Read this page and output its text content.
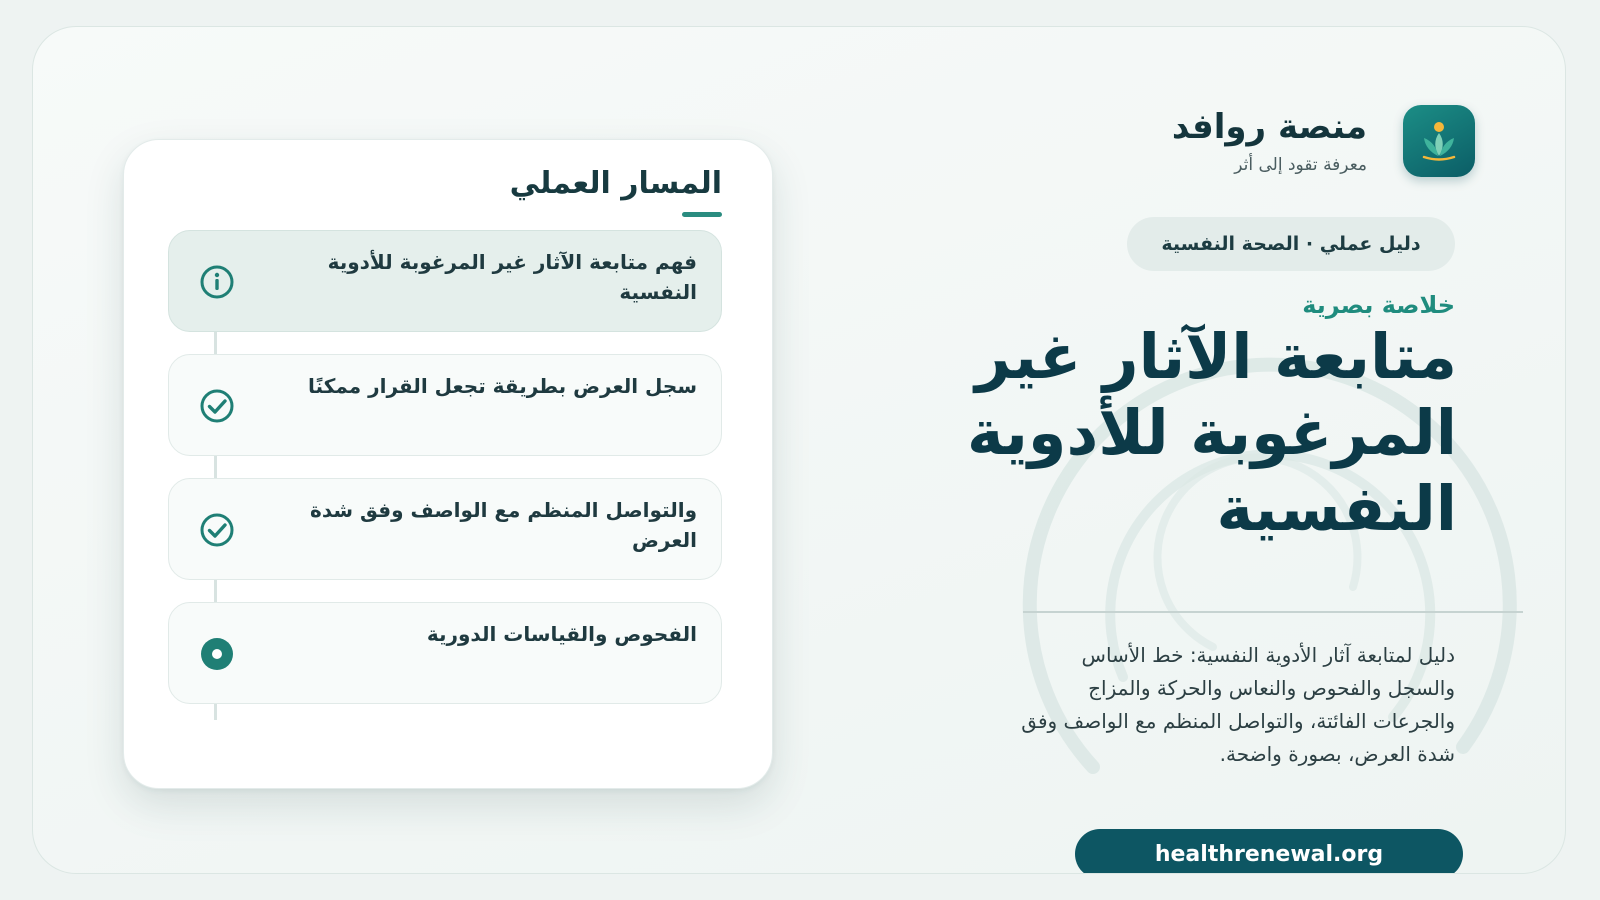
المسار العملي
فهم متابعة الآثار غير المرغوبة للأدوية النفسية
سجل العرض بطريقة تجعل القرار ممكنًا
والتواصل المنظم مع الواصف وفق شدة العرض
الفحوص والقياسات الدورية
منصة روافد
معرفة تقود إلى أثر
دليل عملي · الصحة النفسية
خلاصة بصرية
متابعة الآثار غير المرغوبة للأدوية النفسية

دليل لمتابعة آثار الأدوية النفسية: خط الأساس والسجل والفحوص والنعاس والحركة والمزاج والجرعات الفائتة، والتواصل المنظم مع الواصف وفق شدة العرض، بصورة واضحة.

healthrenewal.org
